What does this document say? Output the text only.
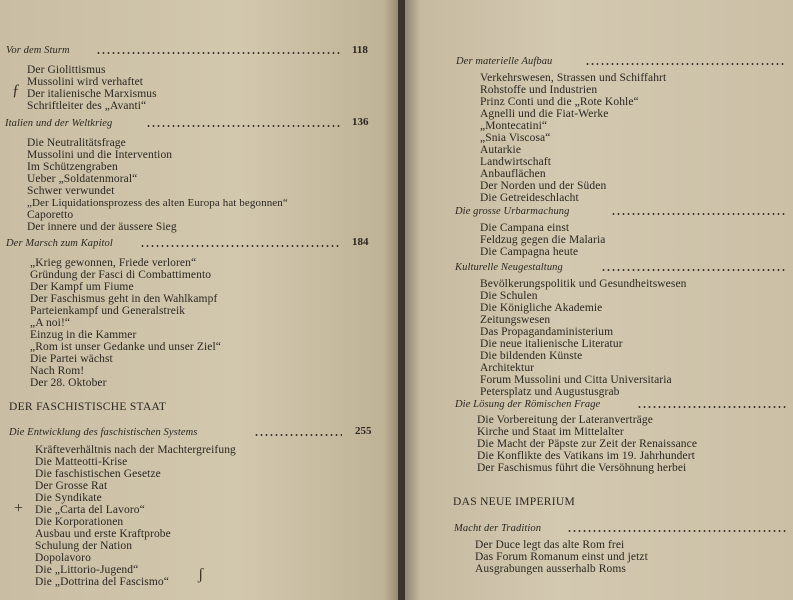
Vor dem Sturm	118
Der Giolittismus
Mussolini wird verhaftet
Der italienische Marxismus
Schriftleiter des „Avanti“
Italien und der Weltkrieg	136
Die Neutralitätsfrage
Mussolini und die Intervention
Im Schützengraben
Ueber „Soldatenmoral“
Schwer verwundet
„Der Liquidationsprozess des alten Europa hat begonnen“
Caporetto
Der innere und der äussere Sieg
Der Marsch zum Kapitol	184
„Krieg gewonnen, Friede verloren“
Gründung der Fasci di Combattimento
Der Kampf um Fiume
Der Faschismus geht in den Wahlkampf
Parteienkampf und Generalstreik
„A noi!“
Einzug in die Kammer
„Rom ist unser Gedanke und unser Ziel“
Die Partei wächst
Nach Rom!
Der 28. Oktober
DER FASCHISTISCHE STAAT
Die Entwicklung des faschistischen Systems	255
Kräfteverhältnis nach der Machtergreifung
Die Matteotti-Krise
Die faschistischen Gesetze
Der Grosse Rat
Die Syndikate
Die „Carta del Lavoro“
Die Korporationen
Ausbau und erste Kraftprobe
Schulung der Nation
Dopolavoro
Die „Littorio-Jugend“
Die „Dottrina del Fascismo“
ƒ
+
ʃ
Der materielle Aufbau
Verkehrswesen, Strassen und Schiffahrt
Rohstoffe und Industrien
Prinz Conti und die „Rote Kohle“
Agnelli und die Fiat-Werke
„Montecatini“
„Snia Viscosa“
Autarkie
Landwirtschaft
Anbauflächen
Der Norden und der Süden
Die Getreideschlacht
Die grosse Urbarmachung
Die Campana einst
Feldzug gegen die Malaria
Die Campagna heute
Kulturelle Neugestaltung
Bevölkerungspolitik und Gesundheitswesen
Die Schulen
Die Königliche Akademie
Zeitungswesen
Das Propagandaministerium
Die neue italienische Literatur
Die bildenden Künste
Architektur
Forum Mussolini und Citta Universitaria
Petersplatz und Augustusgrab
Die Lösung der Römischen Frage
Die Vorbereitung der Lateranverträge
Kirche und Staat im Mittelalter
Die Macht der Päpste zur Zeit der Renaissance
Die Konflikte des Vatikans im 19. Jahrhundert
Der Faschismus führt die Versöhnung herbei
DAS NEUE IMPERIUM
Macht der Tradition
Der Duce legt das alte Rom frei
Das Forum Romanum einst und jetzt
Ausgrabungen ausserhalb Roms
